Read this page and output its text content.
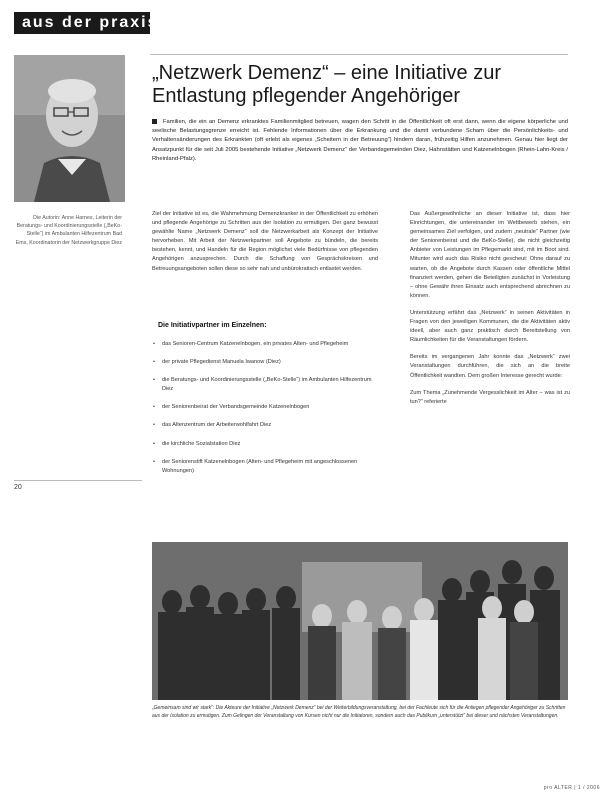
aus der praxis
Die Autorin: Anne Harnes, Leiterin der Beratungs- und Koordinierungsstelle („BeKo-Stelle“) im Ambulanten Hilfezentrum Bad Ems, Koordinatorin der Netzwerkgruppe Diez
„Netzwerk Demenz“ – eine Initiative zur
Entlastung pflegender Angehöriger
Familien, die ein an Demenz erkranktes Familienmitglied betreuen, wagen den Schritt in die Öffentlichkeit oft erst dann, wenn die eigene körperliche und seelische Belastungsgrenze erreicht ist. Fehlende Informationen über die Erkrankung und die damit verbundene Scham über die Persönlichkeits- und Verhaltensänderungen des Erkrankten (oft erlebt als eigenes „Scheitern in der Betreuung“) hindern daran, frühzeitig Hilfen anzunehmen. Genau hier liegt der Ansatzpunkt für die seit Juli 2005 bestehende Initiative „Netzwerk Demenz“ der Verbandsgemeinden Diez, Hahnstätten und Katzenelnbogen (Rhein-Lahn-Kreis / Rheinland-Pfalz).
Ziel der Initiative ist es, die Wahrnehmung Demenzkranker in der Öffentlichkeit zu erhöhen und pflegende Angehörige zu Schritten aus der Isolation zu ermutigen. Der ganz bewusst gewählte Name „Netzwerk Demenz“ soll die Netzwerkarbeit als Konzept der Initiative hervorheben. Mit Arbeit der Netzwerkpartner soll Angebote zu bündeln, die bereits bestehen, kennt, und Handeln für die Region möglichst viele Bedürfnisse von pflegenden Angehörigen anzusprechen. Durch die Schaffung von Gesprächskreisen und Betreuungsangeboten sollen diese so sehr nah und unbürokratisch entlastet werden.
Die Initiativpartner im Einzelnen:
• das Senioren-Centrum Katzenelnbogen, ein privates Alten- und Pflegeheim
• der private Pflegedienst Manuela Iwanow (Diez)
• die Beratungs- und Koordinierungsstelle („BeKo-Stelle“) im Ambulanten Hilfezentrum Diez
• der Seniorenbeirat der Verbandsgemeinde Katzenelnbogen
• das Altenzentrum der Arbeiterwohlfahrt Diez
• die kirchliche Sozialstation Diez
• der Seniorenstift Katzenelnbogen (Alten- und Pflegeheim mit angeschlossenen Wohnungen)

Das Außergewöhnliche an dieser Initiative ist, dass hier Einrichtungen, die untereinander im Wettbewerb stehen, ein gemeinsames Ziel verfolgen, und zudem „neutrale“ Partner (wie der Seniorenbeirat und die BeKo-Stelle), die nicht gleichzeitig Anbieter von Leistungen im Pflegemarkt sind, mit im Boot sind. Mitunter wird auch das Risiko nicht gescheut: Ohne darauf zu warten, ob die Angebote durch Kassen oder öffentliche Mittel finanziert werden, gehen die Beteiligten zunächst in Vorleistung – ohne Gewähr ihren Einsatz auch entsprechend abrechnen zu können.

Unterstützung erfährt das „Netzwerk“ in seinen Aktivitäten in Fragen von den jeweiligen Kommunen, die die Aktivitäten aktiv ideell, aber auch ganz praktisch durch Bereitstellung von Räumlichkeiten für die Veranstaltungen fördern.

Bereits im vergangenen Jahr konnte das „Netzwerk“ zwei Veranstaltungen durchführen, die sich an die breite Öffentlichkeit wandten. Dem großen Interesse gerecht wurde:

Zum Thema „Zunehmende Vergesslichkeit im Alter – was ist zu tun?“ referierte

20
„Gemeinsam sind wir stark“: Die Akteure der Initiative „Netzwerk Demenz“ bei der Weiterbildungsveranstaltung, bei der Fachleute sich für die Anliegen pflegender Angehöriger zu Schritten aus der Isolation zu ermutigen. Zum Gelingen der Veranstaltung von Kursen nicht nur die Initiatoren, sondern auch das Publikum „unterstützt“ bei dieser und nächsten Veranstaltungen.
pro ALTER | 1 / 2006
